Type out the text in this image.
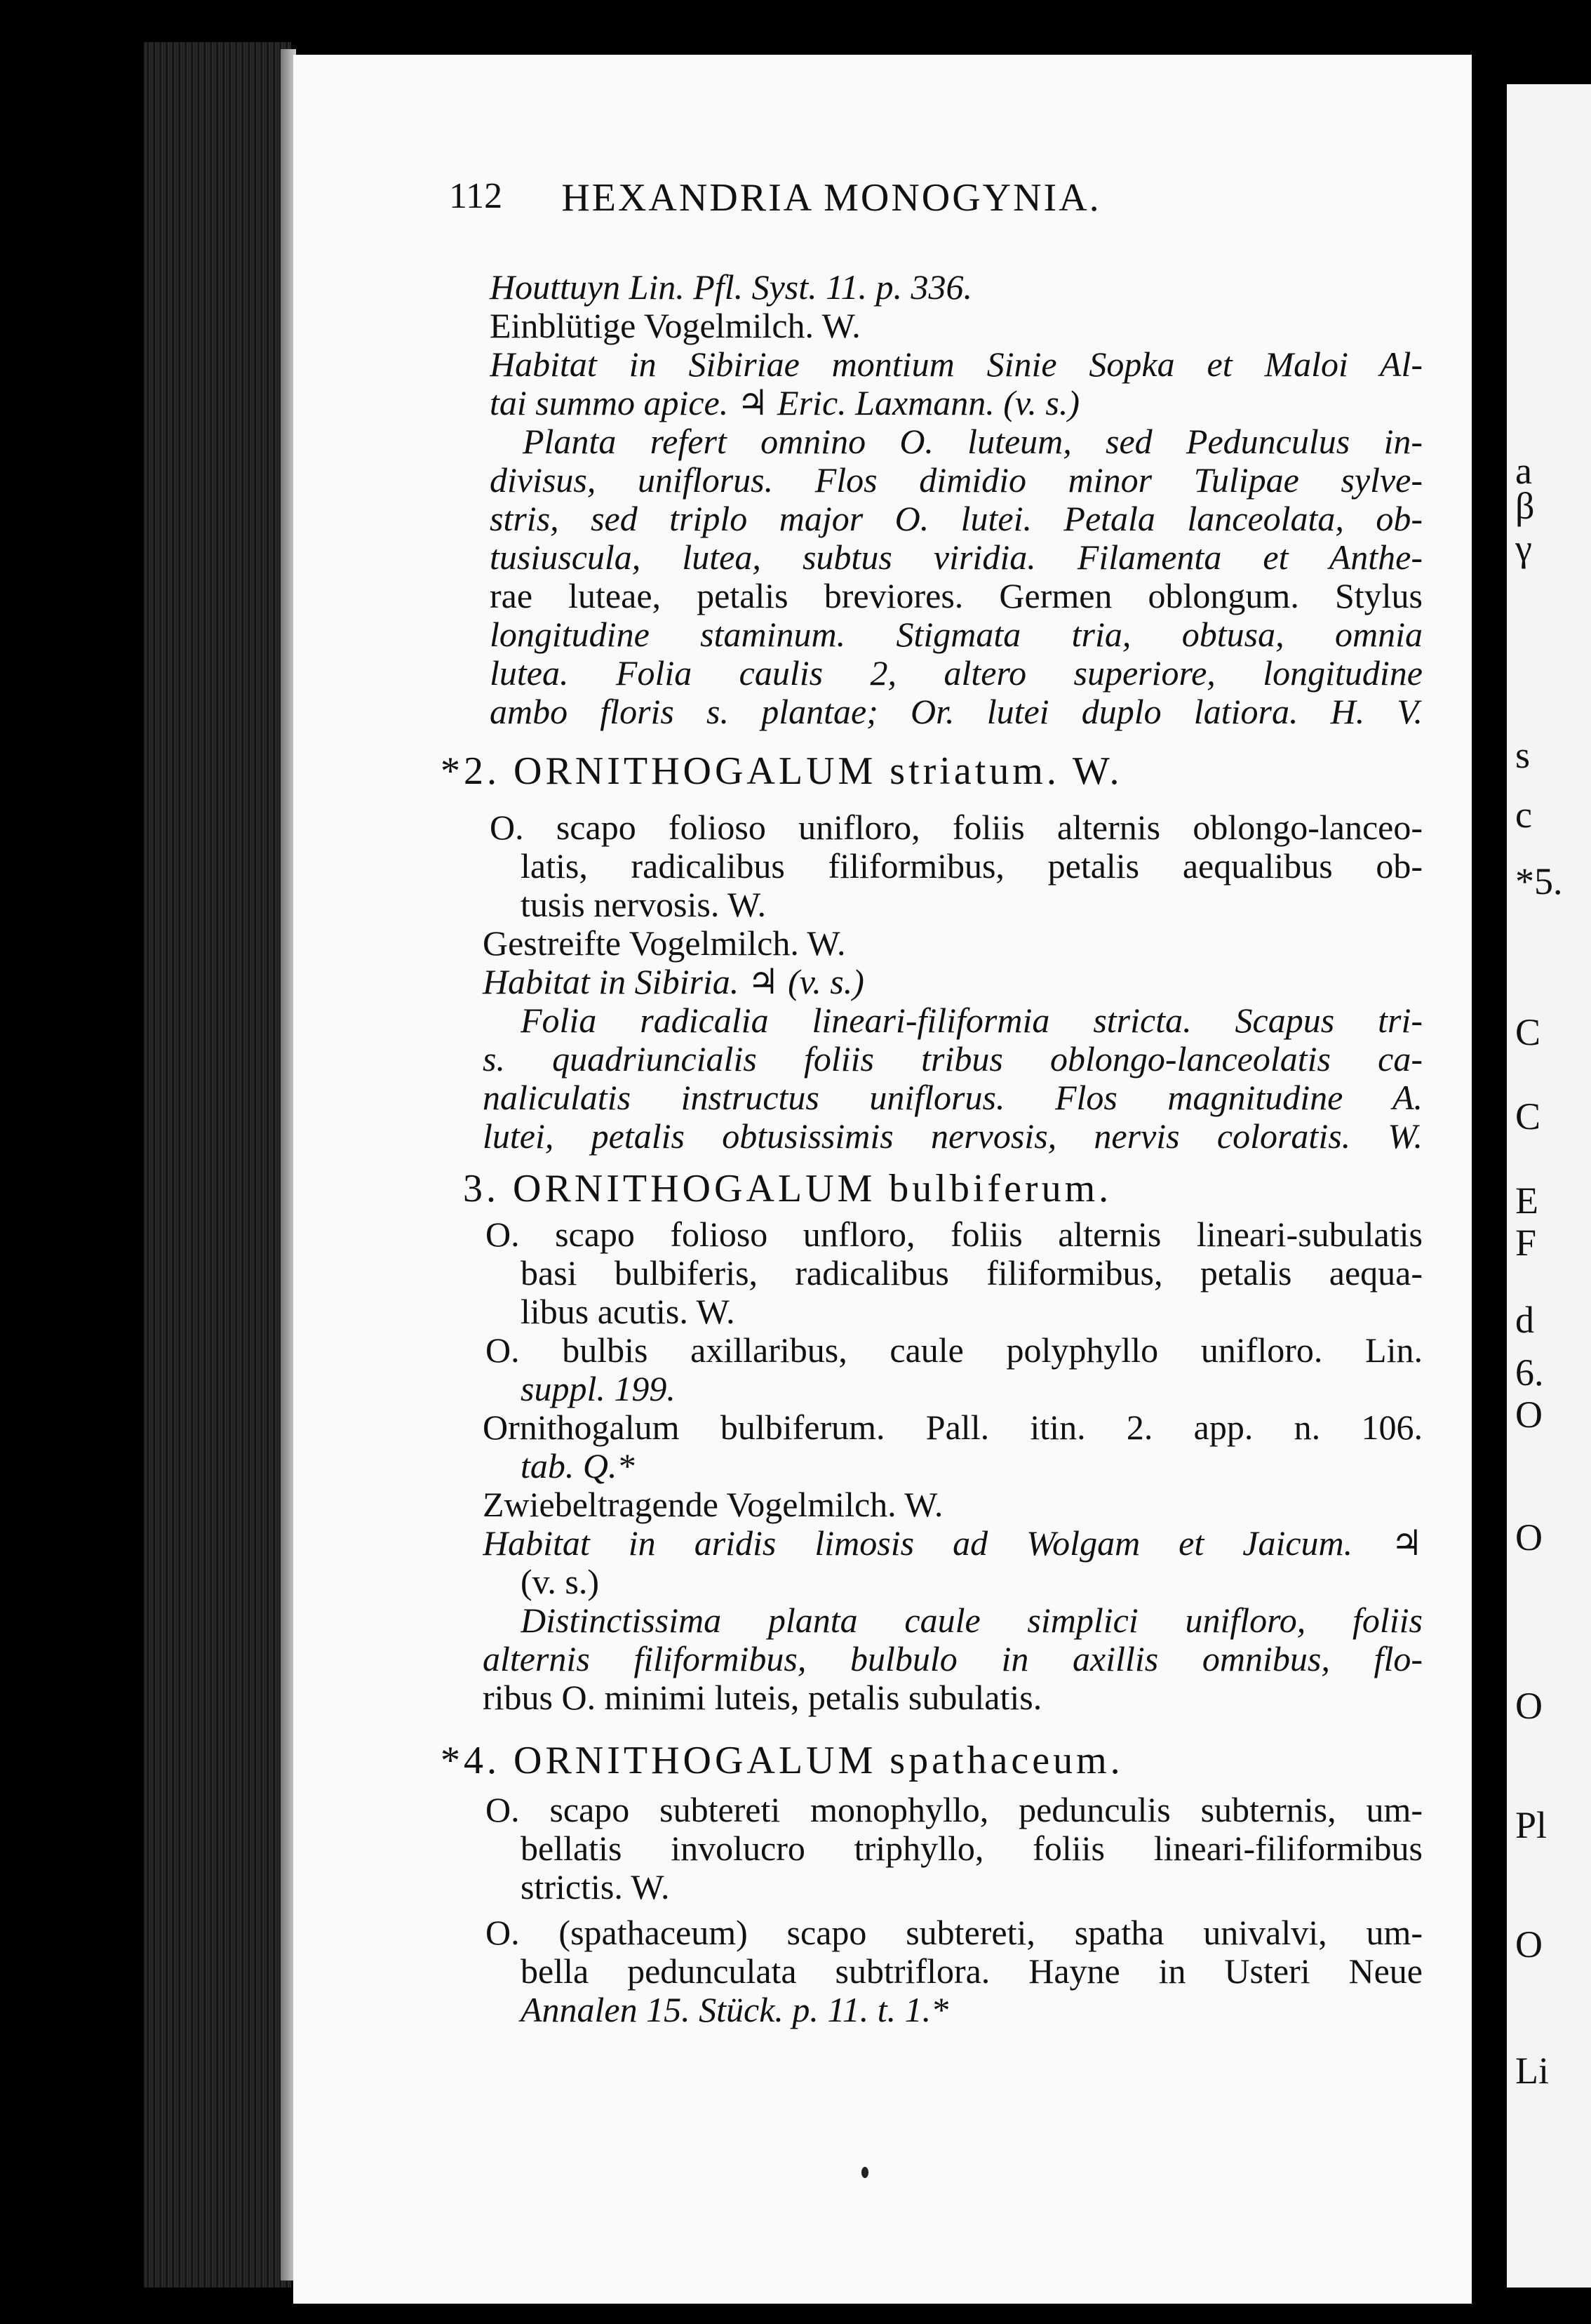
a
β
γ
s
c
*5.
C
C
E
F
d
6.
O
O
O
Pl
O
Li
112	HEXANDRIA MONOGYNIA.
Houttuyn Lin. Pfl. Syst. 11. p. 336.
Einblütige Vogelmilch. W.
Habitat in Sibiriae montium Sinie Sopka et Maloi Al-
tai summo apice. ♃ Eric. Laxmann. (v. s.)
Planta refert omnino O. luteum, sed Pedunculus in-
divisus, uniflorus. Flos dimidio minor Tulipae sylve-
stris, sed triplo major O. lutei. Petala lanceolata, ob-
tusiuscula, lutea, subtus viridia. Filamenta et Anthe-
rae luteae, petalis breviores. Germen oblongum. Stylus
longitudine staminum. Stigmata tria, obtusa, omnia
lutea. Folia caulis 2, altero superiore, longitudine
ambo floris s. plantae; Or. lutei duplo latiora. H. V.
*2. ORNITHOGALUM striatum. W.
O. scapo folioso unifloro, foliis alternis oblongo-lanceo-
latis, radicalibus filiformibus, petalis aequalibus ob-
tusis nervosis. W.
Gestreifte Vogelmilch. W.
Habitat in Sibiria. ♃ (v. s.)
Folia radicalia lineari-filiformia stricta. Scapus tri-
s. quadriuncialis foliis tribus oblongo-lanceolatis ca-
naliculatis instructus uniflorus. Flos magnitudine A.
lutei, petalis obtusissimis nervosis, nervis coloratis. W.
3. ORNITHOGALUM bulbiferum.
O. scapo folioso unfloro, foliis alternis lineari-subulatis
basi bulbiferis, radicalibus filiformibus, petalis aequa-
libus acutis. W.
O. bulbis axillaribus, caule polyphyllo unifloro. Lin.
suppl. 199.
Ornithogalum bulbiferum. Pall. itin. 2. app. n. 106.
tab. Q.*
Zwiebeltragende Vogelmilch. W.
Habitat in aridis limosis ad Wolgam et Jaicum. ♃
(v. s.)
Distinctissima planta caule simplici unifloro, foliis
alternis filiformibus, bulbulo in axillis omnibus, flo-
ribus O. minimi luteis, petalis subulatis.
*4. ORNITHOGALUM spathaceum.
O. scapo subtereti monophyllo, pedunculis subternis, um-
bellatis involucro triphyllo, foliis lineari-filiformibus
strictis. W.
O. (spathaceum) scapo subtereti, spatha univalvi, um-
bella pedunculata subtriflora. Hayne in Usteri Neue
Annalen 15. Stück. p. 11. t. 1.*
